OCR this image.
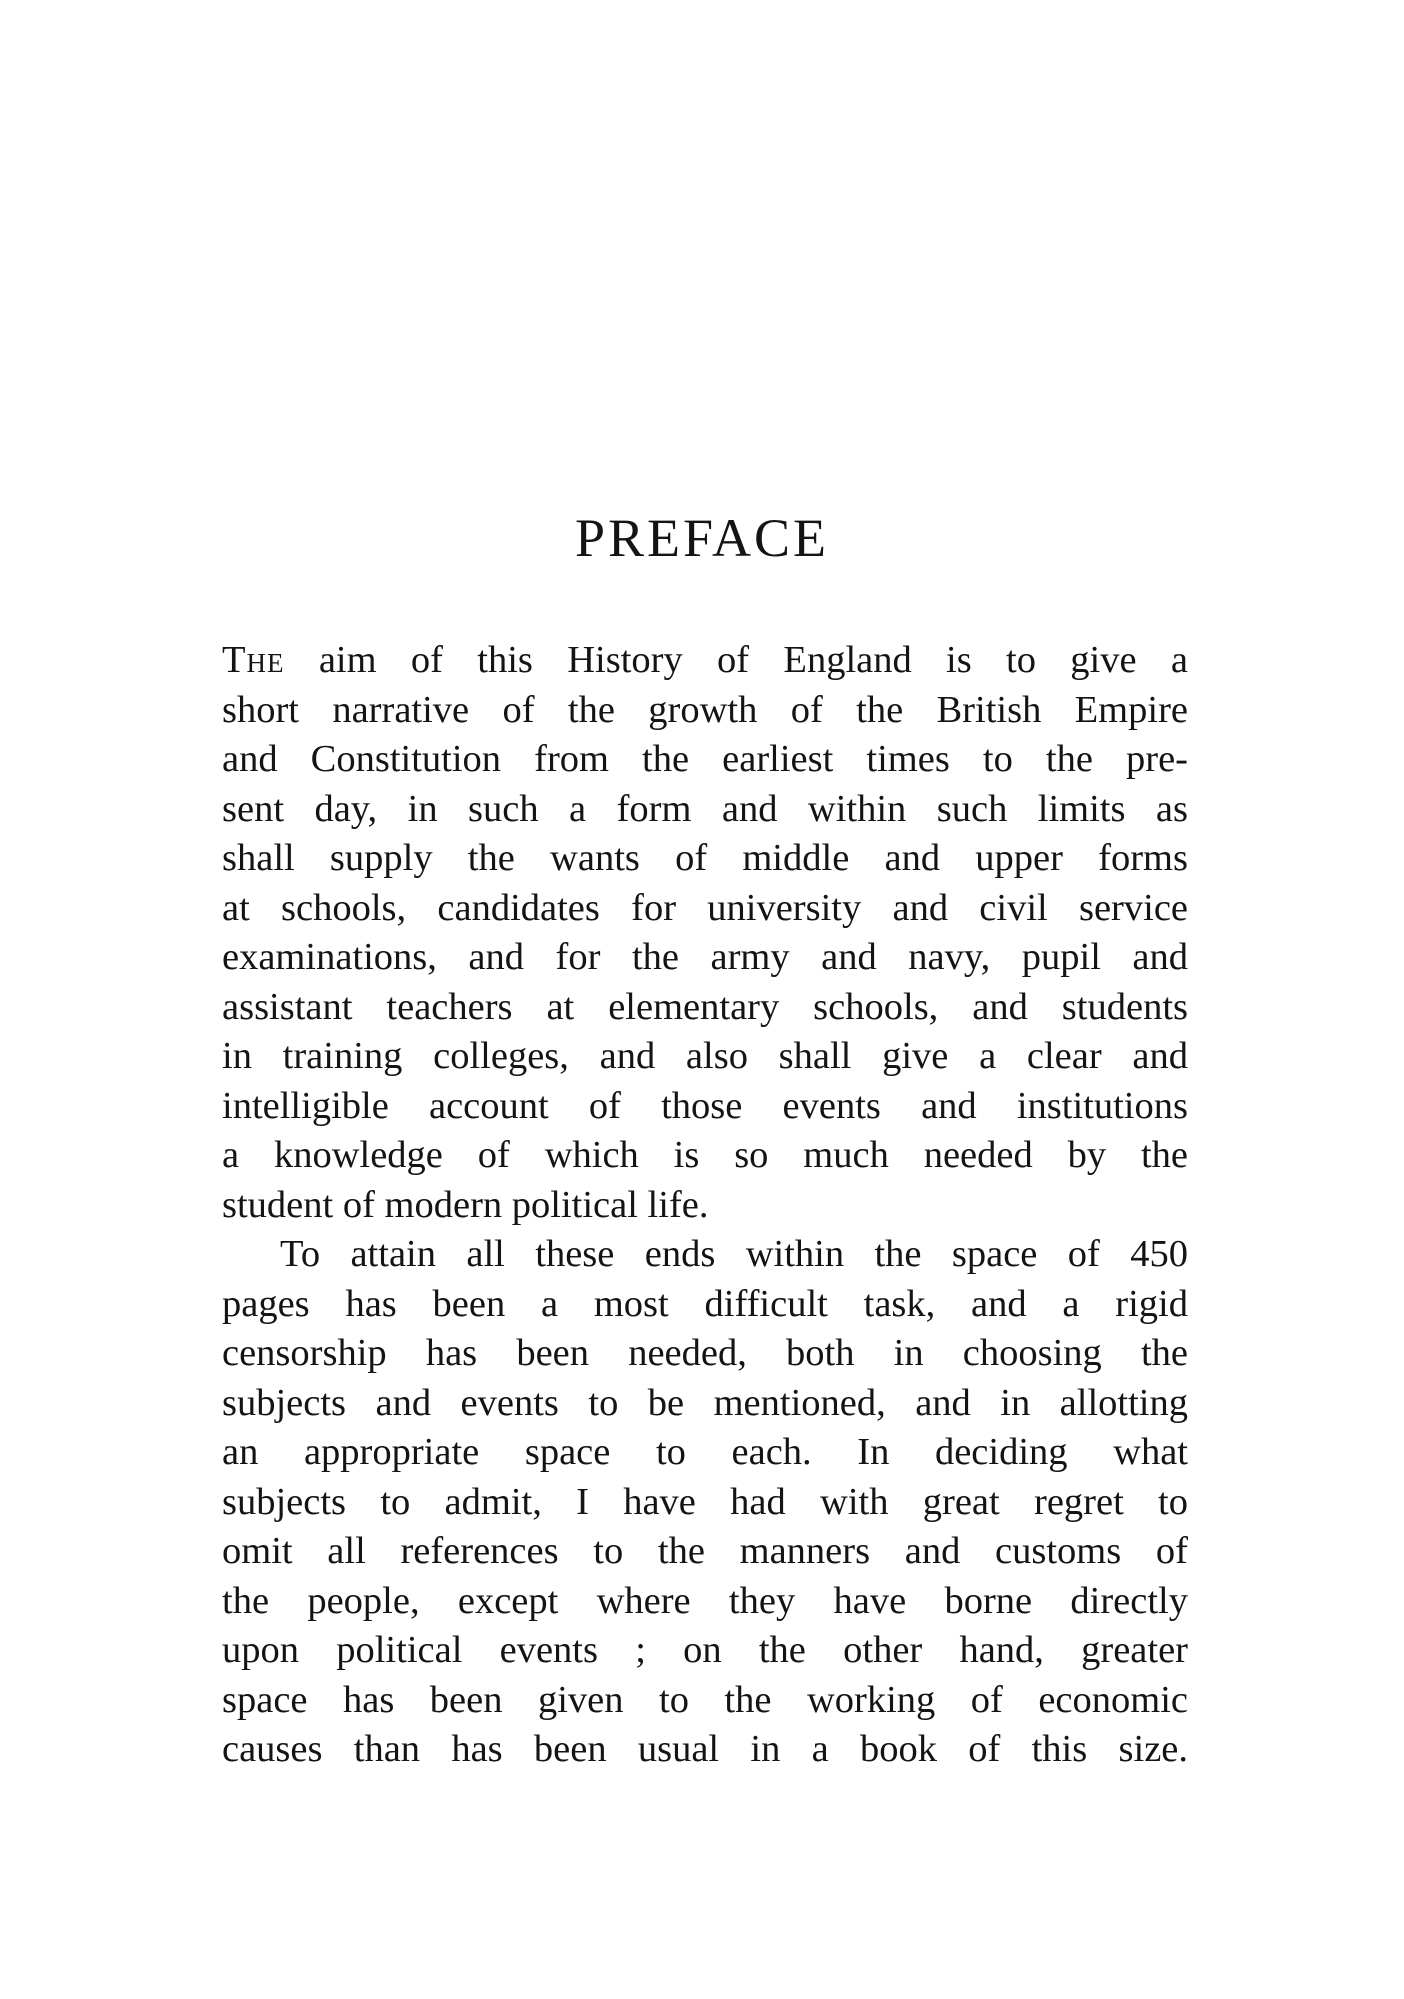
PREFACE
The aim of this History of England is to give a
short narrative of the growth of the British Empire
and Constitution from the earliest times to the pre-
sent day, in such a form and within such limits as
shall supply the wants of middle and upper forms
at schools, candidates for university and civil service
examinations, and for the army and navy, pupil and
assistant teachers at elementary schools, and students
in training colleges, and also shall give a clear and
intelligible account of those events and institutions
a knowledge of which is so much needed by the
student of modern political life.
To attain all these ends within the space of 450
pages has been a most difficult task, and a rigid
censorship has been needed, both in choosing the
subjects and events to be mentioned, and in allotting
an appropriate space to each. In deciding what
subjects to admit, I have had with great regret to
omit all references to the manners and customs of
the people, except where they have borne directly
upon political events ; on the other hand, greater
space has been given to the working of economic
causes than has been usual in a book of this size.
